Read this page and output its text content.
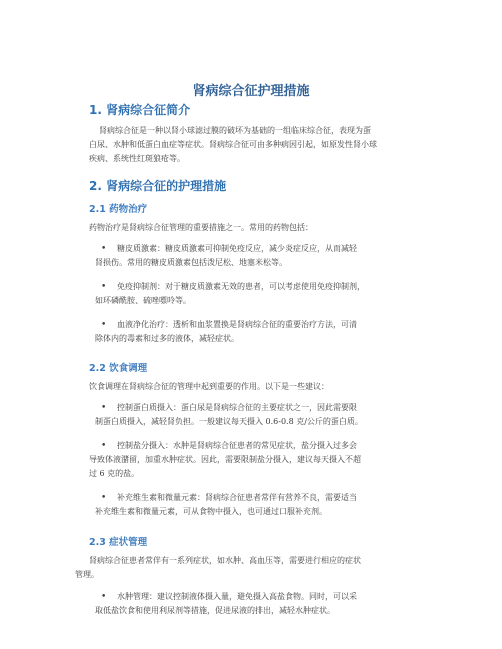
肾病综合征护理措施
1. 肾病综合征简介
肾病综合征是一种以肾小球滤过膜的破坏为基础的一组临床综合征，表现为蛋
白尿、水肿和低蛋白血症等症状。肾病综合征可由多种病因引起，如原发性肾小球
疾病、系统性红斑狼疮等。
2. 肾病综合征的护理措施
2.1 药物治疗
药物治疗是肾病综合征管理的重要措施之一。常用的药物包括：
•	糖皮质激素：糖皮质激素可抑制免疫反应，减少炎症反应，从而减轻
肾损伤。常用的糖皮质激素包括泼尼松、地塞米松等。
•	免疫抑制剂：对于糖皮质激素无效的患者，可以考虑使用免疫抑制剂，
如环磷酰胺、硫唑嘌呤等。
•	血液净化治疗：透析和血浆置换是肾病综合征的重要治疗方法，可清
除体内的毒素和过多的液体，减轻症状。
2.2 饮食调理
饮食调理在肾病综合征的管理中起到重要的作用。以下是一些建议：
•	控制蛋白质摄入：蛋白尿是肾病综合征的主要症状之一，因此需要限
制蛋白质摄入，减轻肾负担。一般建议每天摄入 0.6-0.8 克/公斤的蛋白质。
•	控制盐分摄入：水肿是肾病综合征患者的常见症状，盐分摄入过多会
导致体液潴留，加重水肿症状。因此，需要限制盐分摄入，建议每天摄入不超
过 6 克的盐。
•	补充维生素和微量元素：肾病综合征患者常伴有营养不良，需要适当
补充维生素和微量元素，可从食物中摄入，也可通过口服补充剂。
2.3 症状管理
肾病综合征患者常伴有一系列症状，如水肿、高血压等，需要进行相应的症状
管理。
•	水肿管理：建议控制液体摄入量，避免摄入高盐食物。同时，可以采
取低盐饮食和使用利尿剂等措施，促进尿液的排出，减轻水肿症状。
